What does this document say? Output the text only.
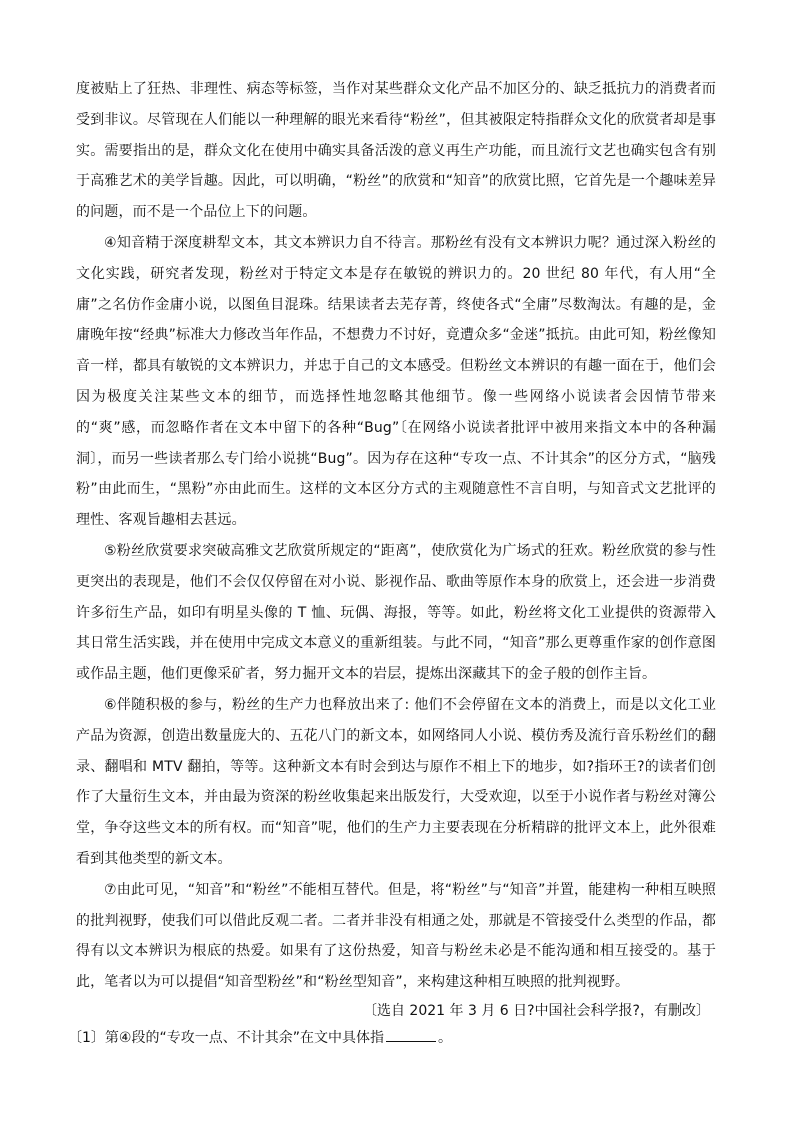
度被贴上了狂热、非理性、病态等标签，当作对某些群众文化产品不加区分的、缺乏抵抗力的消费者而受到非议。尽管现在人们能以一种理解的眼光来看待“粉丝”，但其被限定特指群众文化的欣赏者却是事实。需要指出的是，群众文化在使用中确实具备活泼的意义再生产功能，而且流行文艺也确实包含有别于高雅艺术的美学旨趣。因此，可以明确，“粉丝”的欣赏和“知音”的欣赏比照，它首先是一个趣味差异的问题，而不是一个品位上下的问题。

④知音精于深度耕犁文本，其文本辨识力自不待言。那粉丝有没有文本辨识力呢？通过深入粉丝的文化实践，研究者发现，粉丝对于特定文本是存在敏锐的辨识力的。20 世纪 80 年代，有人用“全庸”之名仿作金庸小说，以图鱼目混珠。结果读者去芜存菁，终使各式“全庸”尽数淘汰。有趣的是，金庸晚年按“经典”标准大力修改当年作品，不想费力不讨好，竟遭众多“金迷”抵抗。由此可知，粉丝像知音一样，都具有敏锐的文本辨识力，并忠于自己的文本感受。但粉丝文本辨识的有趣一面在于，他们会因为极度关注某些文本的细节，而选择性地忽略其他细节。像一些网络小说读者会因情节带来的“爽”感，而忽略作者在文本中留下的各种“Bug”〔在网络小说读者批评中被用来指文本中的各种漏洞〕，而另一些读者那么专门给小说挑“Bug”。因为存在这种“专攻一点、不计其余”的区分方式，“脑残粉”由此而生，“黑粉”亦由此而生。这样的文本区分方式的主观随意性不言自明，与知音式文艺批评的理性、客观旨趣相去甚远。

⑤粉丝欣赏要求突破高雅文艺欣赏所规定的“距离”，使欣赏化为广场式的狂欢。粉丝欣赏的参与性更突出的表现是，他们不会仅仅停留在对小说、影视作品、歌曲等原作本身的欣赏上，还会进一步消费许多衍生产品，如印有明星头像的 T 恤、玩偶、海报，等等。如此，粉丝将文化工业提供的资源带入其日常生活实践，并在使用中完成文本意义的重新组装。与此不同，“知音”那么更尊重作家的创作意图或作品主题，他们更像采矿者，努力掘开文本的岩层，提炼出深藏其下的金子般的创作主旨。

⑥伴随积极的参与，粉丝的生产力也释放出来了: 他们不会停留在文本的消费上，而是以文化工业产品为资源，创造出数量庞大的、五花八门的新文本，如网络同人小说、模仿秀及流行音乐粉丝们的翻录、翻唱和 MTV 翻拍，等等。这种新文本有时会到达与原作不相上下的地步，如?指环王?的读者们创作了大量衍生文本，并由最为资深的粉丝收集起来出版发行，大受欢迎，以至于小说作者与粉丝对簿公堂，争夺这些文本的所有权。而“知音”呢，他们的生产力主要表现在分析精辟的批评文本上，此外很难看到其他类型的新文本。

⑦由此可见，“知音”和“粉丝”不能相互替代。但是，将“粉丝”与“知音”并置，能建构一种相互映照的批判视野，使我们可以借此反观二者。二者并非没有相通之处，那就是不管接受什么类型的作品，都得有以文本辨识为根底的热爱。如果有了这份热爱，知音与粉丝未必是不能沟通和相互接受的。基于此，笔者以为可以提倡“知音型粉丝”和“粉丝型知音”，来构建这种相互映照的批判视野。

〔选自 2021 年 3 月 6 日?中国社会科学报?，有删改〕

〔1〕第④段的“专攻一点、不计其余”在文中具体指	。
